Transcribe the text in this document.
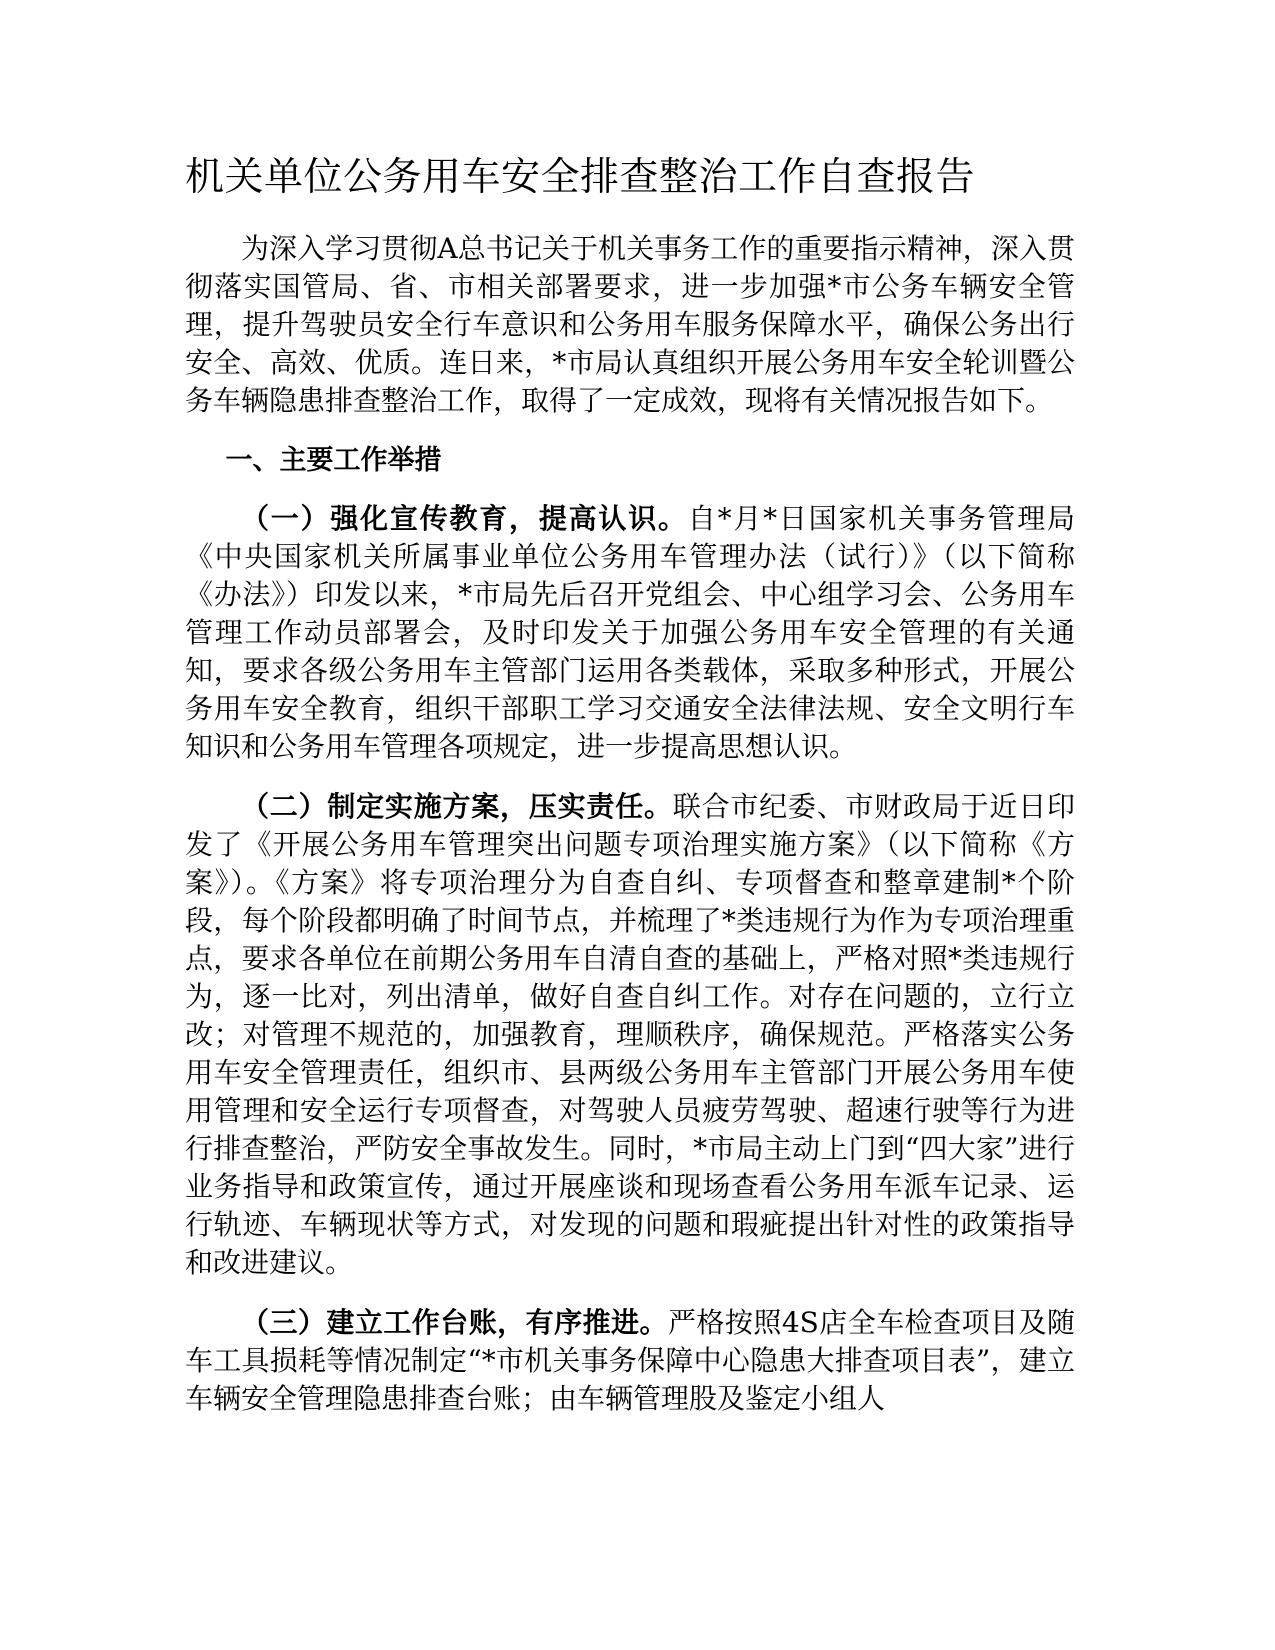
机关单位公务用车安全排查整治工作自查报告

为深入学习贯彻A总书记关于机关事务工作的重要指示精神，深入贯彻落实国管局、省、市相关部署要求，进一步加强*市公务车辆安全管理，提升驾驶员安全行车意识和公务用车服务保障水平，确保公务出行安全、高效、优质。连日来，*市局认真组织开展公务用车安全轮训暨公务车辆隐患排查整治工作，取得了一定成效，现将有关情况报告如下。

一、主要工作举措

（一）强化宣传教育，提高认识。自*月*日国家机关事务管理局《中央国家机关所属事业单位公务用车管理办法（试行）》（以下简称《办法》）印发以来，*市局先后召开党组会、中心组学习会、公务用车管理工作动员部署会，及时印发关于加强公务用车安全管理的有关通知，要求各级公务用车主管部门运用各类载体，采取多种形式，开展公务用车安全教育，组织干部职工学习交通安全法律法规、安全文明行车知识和公务用车管理各项规定，进一步提高思想认识。

（二）制定实施方案，压实责任。联合市纪委、市财政局于近日印发了《开展公务用车管理突出问题专项治理实施方案》（以下简称《方案》）。《方案》将专项治理分为自查自纠、专项督查和整章建制*个阶段，每个阶段都明确了时间节点，并梳理了*类违规行为作为专项治理重点，要求各单位在前期公务用车自清自查的基础上，严格对照*类违规行为，逐一比对，列出清单，做好自查自纠工作。对存在问题的，立行立改；对管理不规范的，加强教育，理顺秩序，确保规范。严格落实公务用车安全管理责任，组织市、县两级公务用车主管部门开展公务用车使用管理和安全运行专项督查，对驾驶人员疲劳驾驶、超速行驶等行为进行排查整治，严防安全事故发生。同时，*市局主动上门到“四大家”进行业务指导和政策宣传，通过开展座谈和现场查看公务用车派车记录、运行轨迹、车辆现状等方式，对发现的问题和瑕疵提出针对性的政策指导和改进建议。

（三）建立工作台账，有序推进。严格按照4S店全车检查项目及随车工具损耗等情况制定“*市机关事务保障中心隐患大排查项目表”，建立车辆安全管理隐患排查台账；由车辆管理股及鉴定小组人
